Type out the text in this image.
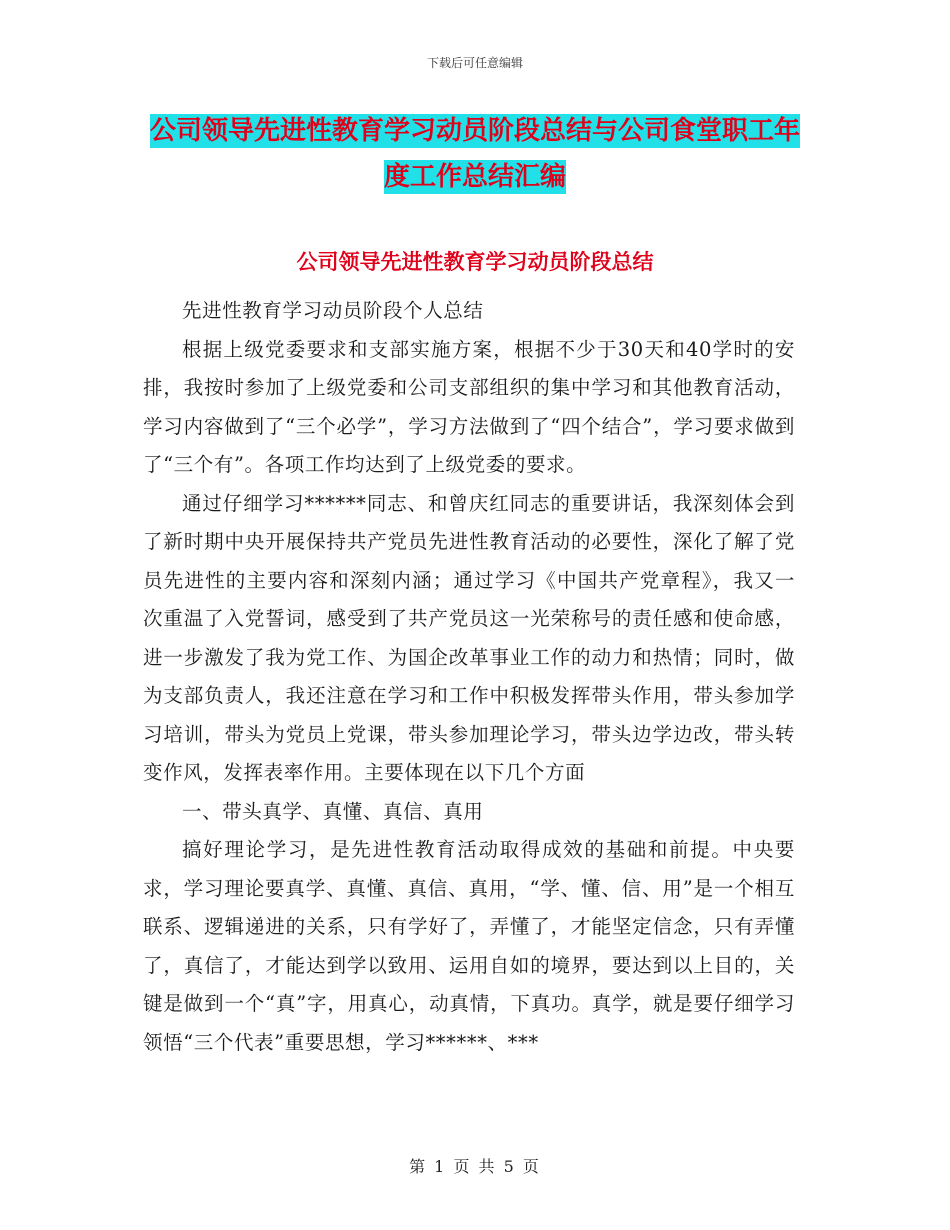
下载后可任意编辑
公司领导先进性教育学习动员阶段总结与公司食堂职工年度工作总结汇编
公司领导先进性教育学习动员阶段总结

先进性教育学习动员阶段个人总结

根据上级党委要求和支部实施方案，根据不少于30天和40学时的安排，我按时参加了上级党委和公司支部组织的集中学习和其他教育活动，学习内容做到了“三个必学”，学习方法做到了“四个结合”，学习要求做到了“三个有”。各项工作均达到了上级党委的要求。

通过仔细学习******同志、和曾庆红同志的重要讲话，我深刻体会到了新时期中央开展保持共产党员先进性教育活动的必要性，深化了解了党员先进性的主要内容和深刻内涵；通过学习《中国共产党章程》，我又一次重温了入党誓词，感受到了共产党员这一光荣称号的责任感和使命感，进一步激发了我为党工作、为国企改革事业工作的动力和热情；同时，做为支部负责人，我还注意在学习和工作中积极发挥带头作用，带头参加学习培训，带头为党员上党课，带头参加理论学习，带头边学边改，带头转变作风，发挥表率作用。主要体现在以下几个方面

一、带头真学、真懂、真信、真用

搞好理论学习，是先进性教育活动取得成效的基础和前提。中央要求，学习理论要真学、真懂、真信、真用，“学、懂、信、用”是一个相互联系、逻辑递进的关系，只有学好了，弄懂了，才能坚定信念，只有弄懂了，真信了，才能达到学以致用、运用自如的境界，要达到以上目的，关键是做到一个“真”字，用真心，动真情，下真功。真学，就是要仔细学习领悟“三个代表”重要思想，学习******、***

第 1 页 共 5 页
